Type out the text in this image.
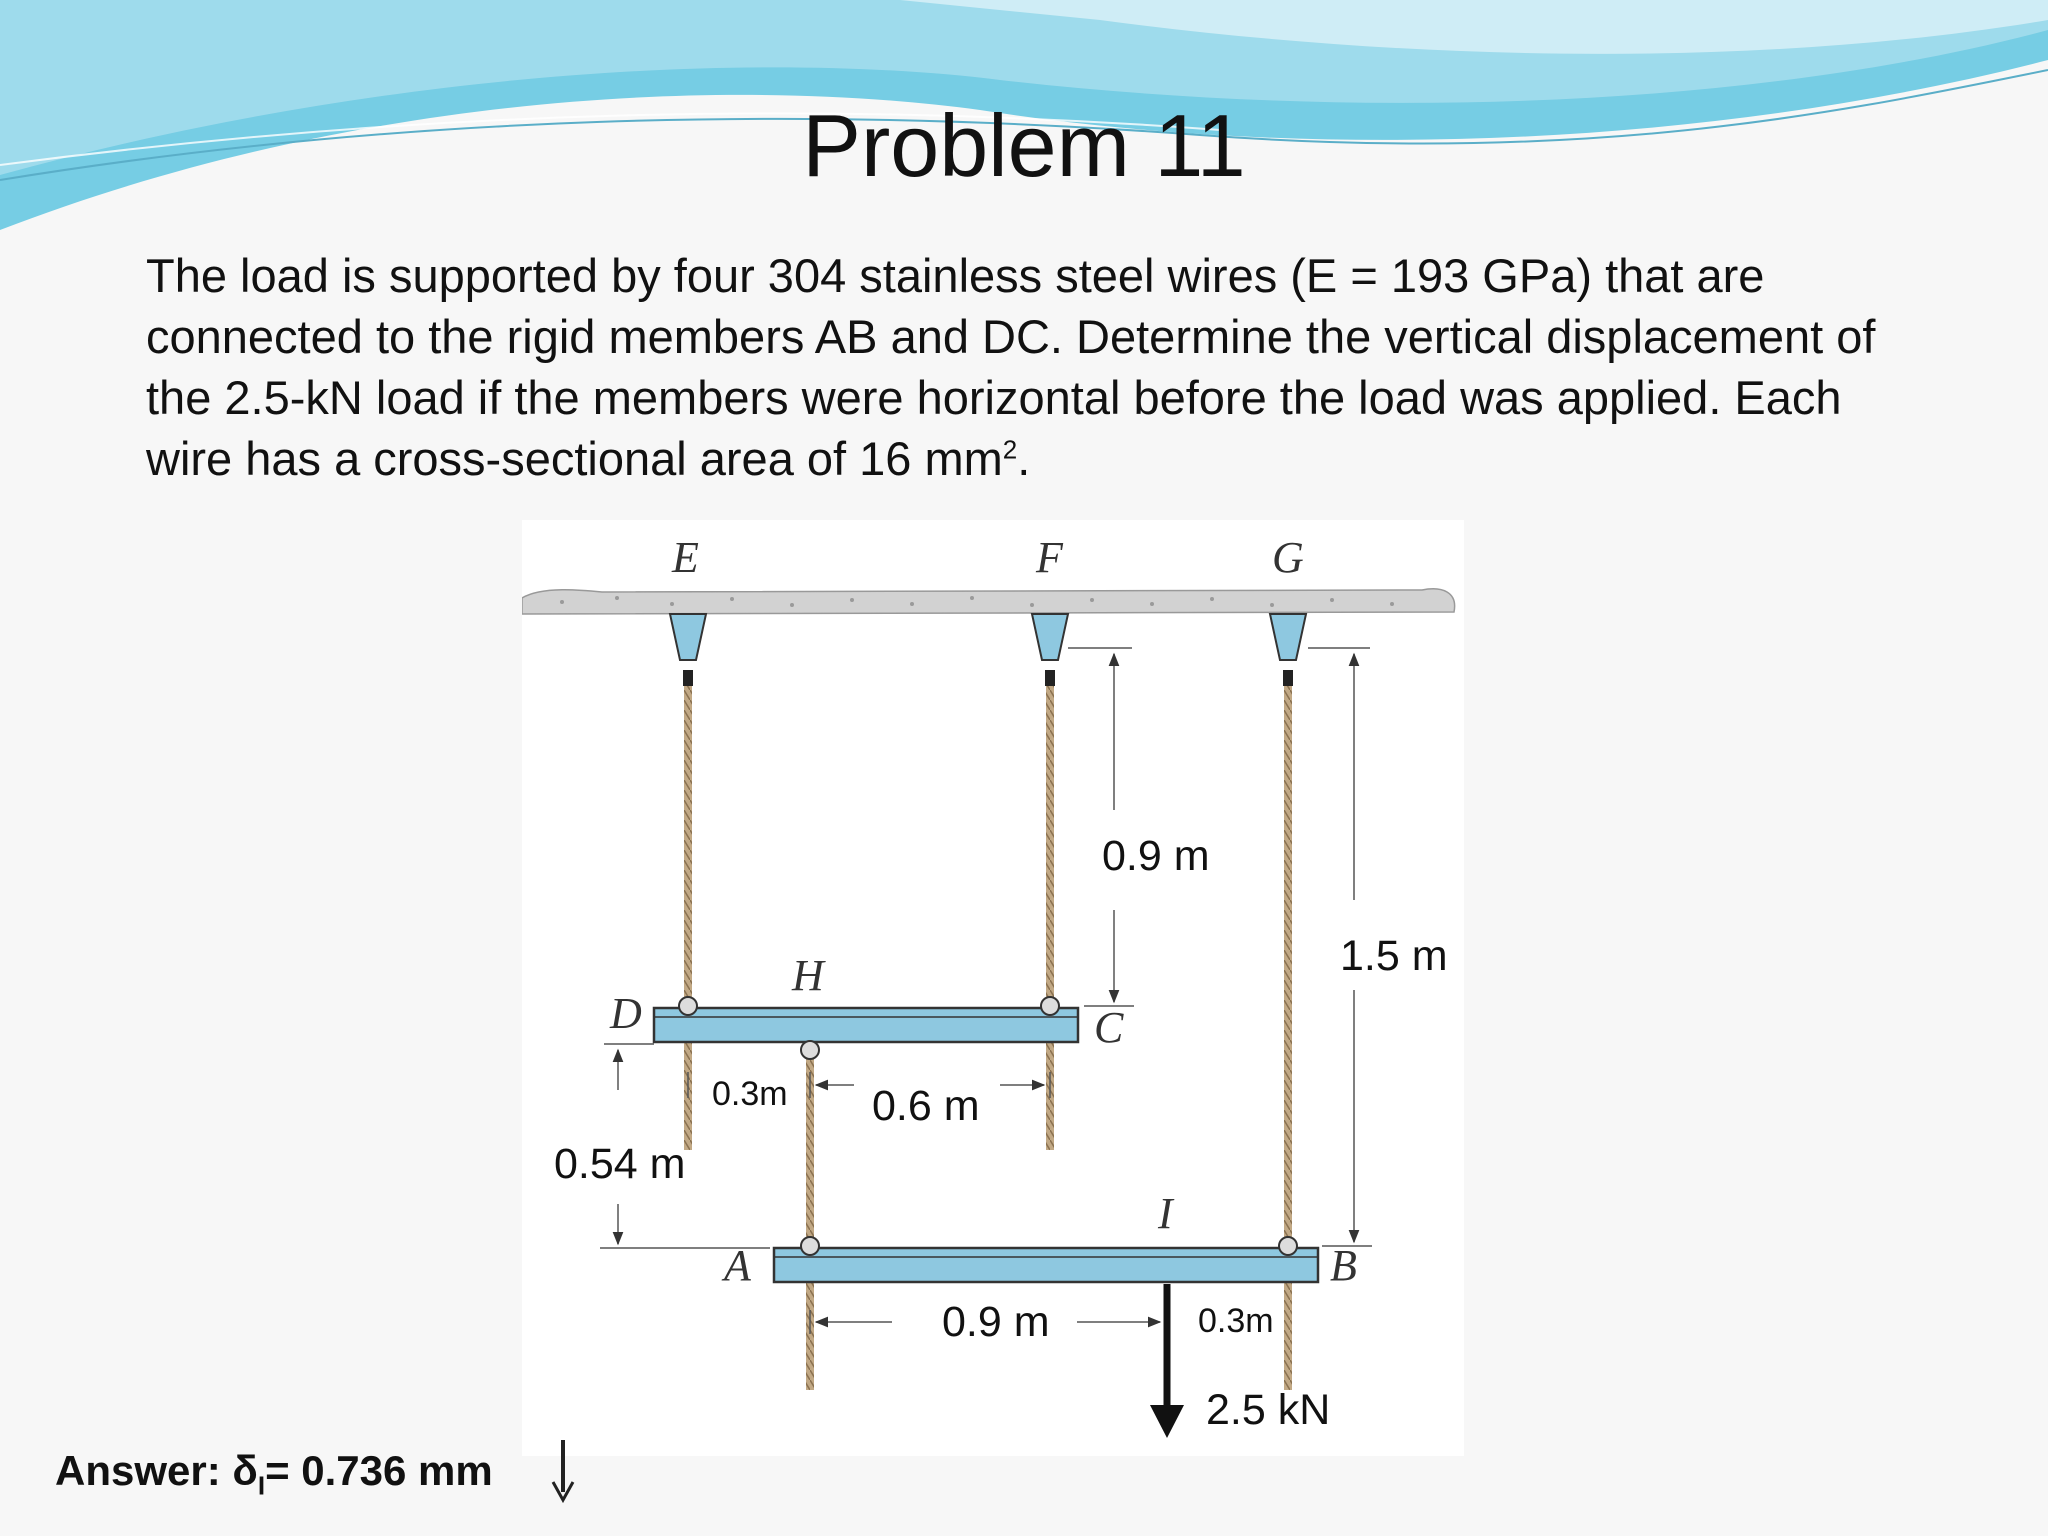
Problem 11
The load is supported by four 304 stainless steel wires (E = 193 GPa) that are connected to the rigid members AB and DC. Determine the vertical displacement of the 2.5-kN load if the members were horizontal before the load was applied. Each wire has a cross-sectional area of 16 $mm^2$.
0.9 m
1.5 m
0.3m 0.6 m
0.54 m
0.9 m	0.3m
E	F	G
H
D	C
I
A	B
2.5 kN
Answer: $\delta_I= 0.736$ mm
